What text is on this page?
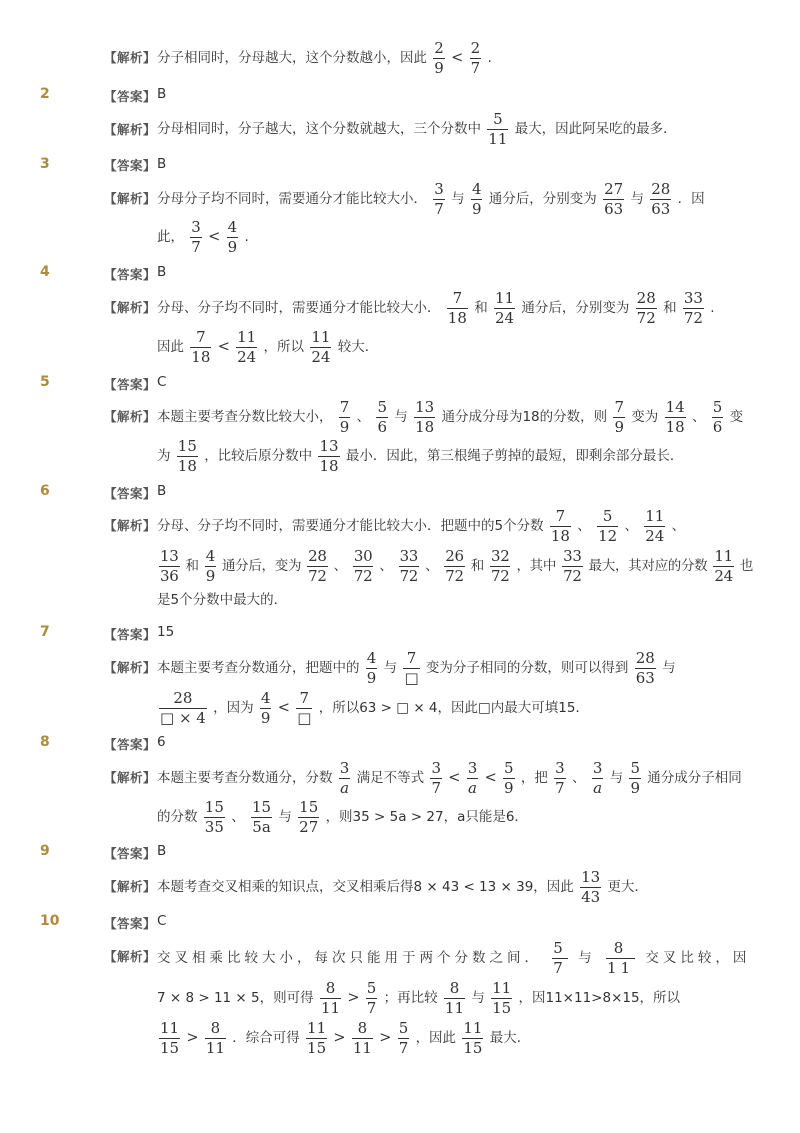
【解析】 分子相同时，分母越大，这个分数越小，因此 $\frac{2}{9} < \frac{2}{7}$ .
2	【答案】 B
【解析】 分母相同时，分子越大，这个分数就越大，三个分数中 $\frac{5}{11}$ 最大，因此阿呆吃的最多．
3	【答案】 B
【解析】 分母分子均不同时，需要通分才能比较大小． $\frac{3}{7}$ 与 $\frac{4}{9}$ 通分后，分别变为 $\frac{27}{63}$ 与 $\frac{28}{63}$ ．因
此， $\frac{3}{7} < \frac{4}{9}$ .
4	【答案】 B
【解析】 分母、分子均不同时，需要通分才能比较大小． $\frac{7}{18}$ 和 $\frac{11}{24}$ 通分后，分别变为 $\frac{28}{72}$ 和 $\frac{33}{72}$ .
因此 $\frac{7}{18} < \frac{11}{24}$ ，所以 $\frac{11}{24}$ 较大．
5	【答案】 C
【解析】 本题主要考查分数比较大小， $\frac{7}{9}$ 、 $\frac{5}{6}$ 与 $\frac{13}{18}$ 通分成分母为18的分数，则 $\frac{7}{9}$ 变为 $\frac{14}{18}$ 、 $\frac{5}{6}$ 变
为 $\frac{15}{18}$ ，比较后原分数中 $\frac{13}{18}$ 最小．因此，第三根绳子剪掉的最短，即剩余部分最长．
6	【答案】 B
【解析】 分母、分子均不同时，需要通分才能比较大小．把题中的5个分数 $\frac{7}{18}$ 、 $\frac{5}{12}$ 、 $\frac{11}{24}$ 、
$\frac{13}{36}$ 和 $\frac{4}{9}$ 通分后，变为 $\frac{28}{72}$ 、 $\frac{30}{72}$ 、 $\frac{33}{72}$ 、 $\frac{26}{72}$ 和 $\frac{32}{72}$ ，其中 $\frac{33}{72}$ 最大，其对应的分数 $\frac{11}{24}$ 也
是5个分数中最大的．
7	【答案】 15
【解析】 本题主要考查分数通分，把题中的 $\frac{4}{9}$ 与 $\frac{7}{□}$ 变为分子相同的分数，则可以得到 $\frac{28}{63}$ 与
$\frac{28}{□ \times 4}$ ，因为 $\frac{4}{9} < \frac{7}{□}$ ，所以63 > □ × 4，因此□内最大可填15．
8	【答案】 6
【解析】 本题主要考查分数通分，分数 $\frac{3}{a}$ 满足不等式 $\frac{3}{7} < \frac{3}{a} < \frac{5}{9}$ ，把 $\frac{3}{7}$ 、 $\frac{3}{a}$ 与 $\frac{5}{9}$ 通分成分子相同
的分数 $\frac{15}{35}$ 、 $\frac{15}{5a}$ 与 $\frac{15}{27}$ ，则35 > 5a > 27，a只能是6．
9	【答案】 B
【解析】 本题考查交叉相乘的知识点，交叉相乘后得8 × 43 < 13 × 39，因此 $\frac{13}{43}$ 更大．
10	【答案】 C
【解析】 交叉相乘比较大小，每次只能用于两个分数之间． $\frac{5}{7}$ 与 $\frac{8}{11}$ 交叉比较，因
7 × 8 > 11 × 5，则可得 $\frac{8}{11} > \frac{5}{7}$ ；再比较 $\frac{8}{11}$ 与 $\frac{11}{15}$ ，因11×11>8×15，所以
$\frac{11}{15} > \frac{8}{11}$ ．综合可得 $\frac{11}{15} > \frac{8}{11} > \frac{5}{7}$ ，因此 $\frac{11}{15}$ 最大．
